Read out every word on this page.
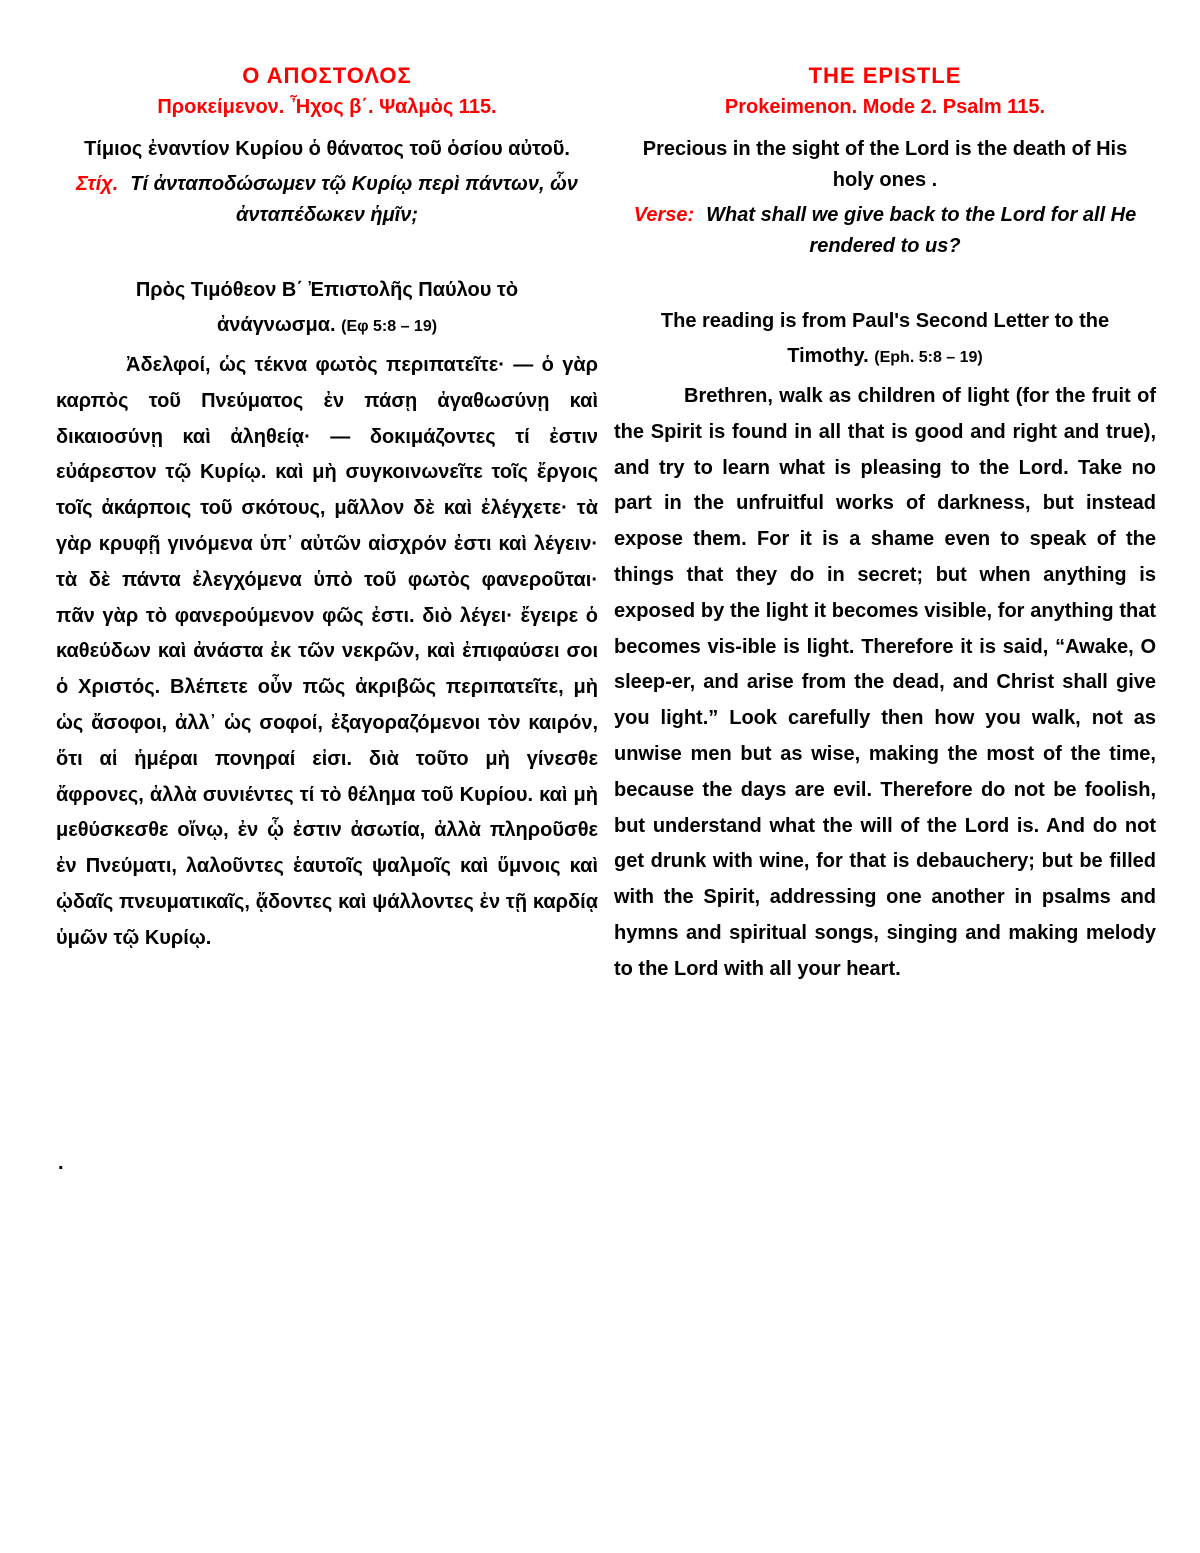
Ο ΑΠΟΣΤΟΛΟΣ
Προκείμενον. Ἦχος β΄. Ψαλμὸς 115.

Τίμιος ἐναντίον Κυρίου ὁ θάνατος τοῦ ὁσίου αὐτοῦ.

Στίχ. Τί ἀνταποδώσωμεν τῷ Κυρίῳ περὶ πάντων, ὧν ἀνταπέδωκεν ἡμῖν;

Πρὸς Τιμόθεον Β΄ Ἐπιστολῆς Παύλου τὸ ἀνάγνωσμα. (Εφ 5:8 – 19)

Ἀδελφοί, ὡς τέκνα φωτὸς περιπατεῖτε· — ὁ γὰρ καρπὸς τοῦ Πνεύματος ἐν πάσῃ ἀγαθωσύνῃ καὶ δικαιοσύνῃ καὶ ἀληθείᾳ· — δοκιμάζοντες τί ἐστιν εὐάρεστον τῷ Κυρίῳ. καὶ μὴ συγκοινωνεῖτε τοῖς ἔργοις τοῖς ἀκάρποις τοῦ σκότους, μᾶλλον δὲ καὶ ἐλέγχετε· τὰ γὰρ κρυφῇ γινόμενα ὑπ᾿ αὐτῶν αἰσχρόν ἐστι καὶ λέγειν· τὰ δὲ πάντα ἐλεγχόμενα ὑπὸ τοῦ φωτὸς φανεροῦται· πᾶν γὰρ τὸ φανερούμενον φῶς ἐστι. διὸ λέγει· ἔγειρε ὁ καθεύδων καὶ ἀνάστα ἐκ τῶν νεκρῶν, καὶ ἐπιφαύσει σοι ὁ Χριστός. Βλέπετε οὖν πῶς ἀκριβῶς περιπατεῖτε, μὴ ὡς ἄσοφοι, ἀλλ᾿ ὡς σοφοί, ἐξαγοραζόμενοι τὸν καιρόν, ὅτι αἱ ἡμέραι πονηραί εἰσι. διὰ τοῦτο μὴ γίνεσθε ἄφρονες, ἀλλὰ συνιέντες τί τὸ θέλημα τοῦ Κυρίου. καὶ μὴ μεθύσκεσθε οἴνῳ, ἐν ᾧ ἐστιν ἀσωτία, ἀλλὰ πληροῦσθε ἐν Πνεύματι, λαλοῦντες ἑαυτοῖς ψαλμοῖς καὶ ὕμνοις καὶ ᾠδαῖς πνευματικαῖς, ᾄδοντες καὶ ψάλλοντες ἐν τῇ καρδίᾳ ὑμῶν τῷ Κυρίῳ.

THE EPISTLE
Prokeimenon. Mode 2. Psalm 115.

Precious in the sight of the Lord is the death of His holy ones .

Verse: What shall we give back to the Lord for all He rendered to us?

The reading is from Paul's Second Letter to the Timothy. (Eph. 5:8 – 19)

Brethren, walk as children of light (for the fruit of the Spirit is found in all that is good and right and true), and try to learn what is pleasing to the Lord. Take no part in the unfruitful works of darkness, but instead expose them. For it is a shame even to speak of the things that they do in secret; but when anything is exposed by the light it becomes visible, for anything that becomes vis-ible is light. Therefore it is said, “Awake, O sleep-er, and arise from the dead, and Christ shall give you light.” Look carefully then how you walk, not as unwise men but as wise, making the most of the time, because the days are evil. Therefore do not be foolish, but understand what the will of the Lord is. And do not get drunk with wine, for that is debauchery; but be filled with the Spirit, addressing one another in psalms and hymns and spiritual songs, singing and making melody to the Lord with all your heart.

.
